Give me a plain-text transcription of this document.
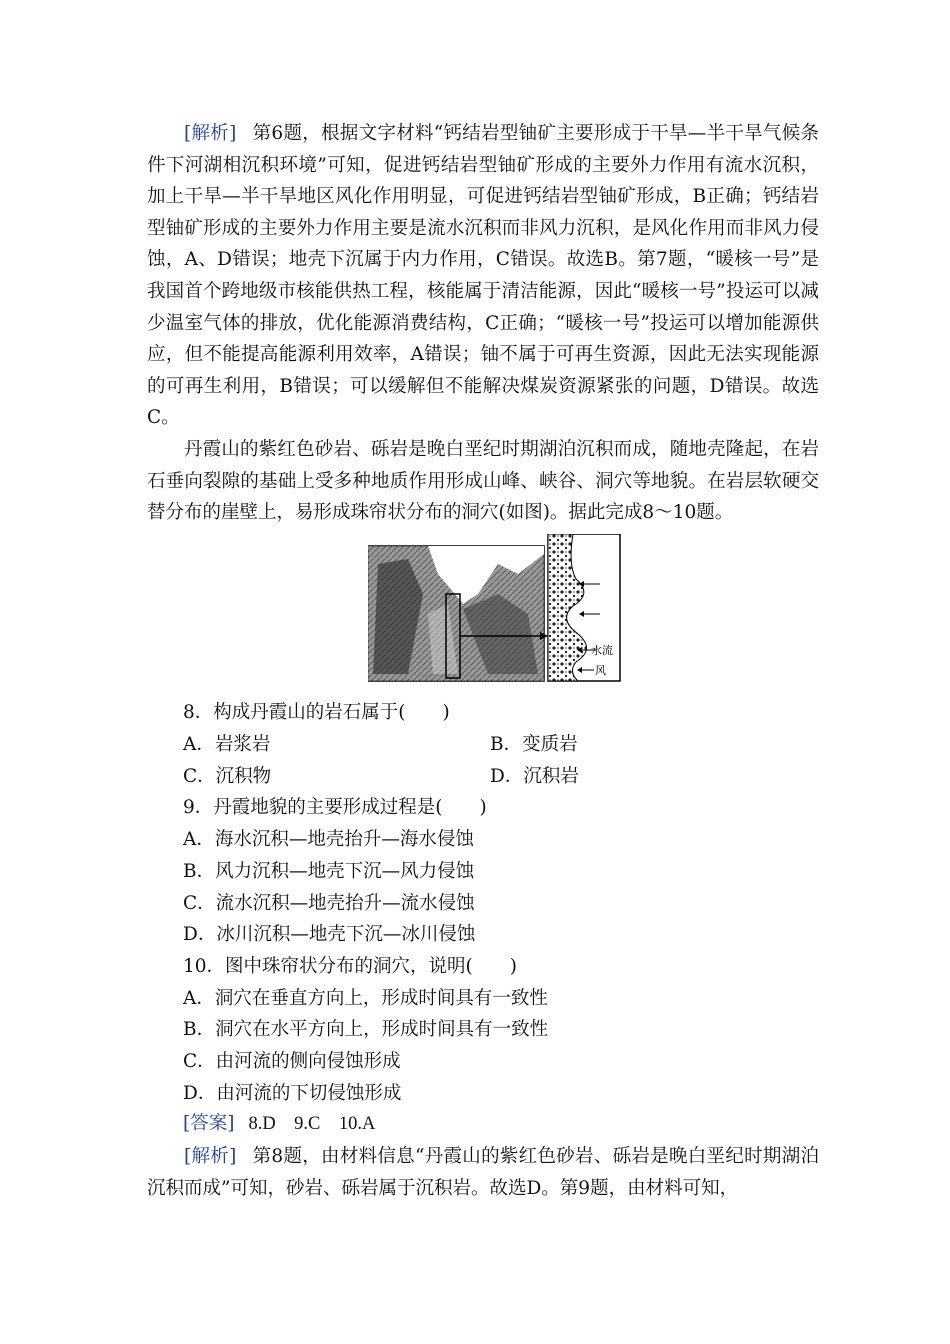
[解析] 第6题，根据文字材料“钙结岩型铀矿主要形成于干旱—半干旱气候条件下河湖相沉积环境”可知，促进钙结岩型铀矿形成的主要外力作用有流水沉积，加上干旱—半干旱地区风化作用明显，可促进钙结岩型铀矿形成，B正确；钙结岩型铀矿形成的主要外力作用主要是流水沉积而非风力沉积，是风化作用而非风力侵蚀，A、D错误；地壳下沉属于内力作用，C错误。故选B。第7题，“暖核一号”是我国首个跨地级市核能供热工程，核能属于清洁能源，因此“暖核一号”投运可以减少温室气体的排放，优化能源消费结构，C正确；“暖核一号”投运可以增加能源供应，但不能提高能源利用效率，A错误；铀不属于可再生资源，因此无法实现能源的可再生利用，B错误；可以缓解但不能解决煤炭资源紧张的问题，D错误。故选C。

丹霞山的紫红色砂岩、砾岩是晚白垩纪时期湖泊沉积而成，随地壳隆起，在岩石垂向裂隙的基础上受多种地质作用形成山峰、峡谷、洞穴等地貌。在岩层软硬交替分布的崖壁上，易形成珠帘状分布的洞穴(如图)。据此完成8～10题。

水流
风
8．构成丹霞山的岩石属于(　　)
A．岩浆岩	B．变质岩
C．沉积物	D．沉积岩
9．丹霞地貌的主要形成过程是(　　)
A．海水沉积—地壳抬升—海水侵蚀
B．风力沉积—地壳下沉—风力侵蚀
C．流水沉积—地壳抬升—流水侵蚀
D．冰川沉积—地壳下沉—冰川侵蚀
10．图中珠帘状分布的洞穴，说明(　　)
A．洞穴在垂直方向上，形成时间具有一致性
B．洞穴在水平方向上，形成时间具有一致性
C．由河流的侧向侵蚀形成
D．由河流的下切侵蚀形成
[答案] 8.D　9.C　10.A

[解析] 第8题，由材料信息“丹霞山的紫红色砂岩、砾岩是晚白垩纪时期湖泊沉积而成”可知，砂岩、砾岩属于沉积岩。故选D。第9题，由材料可知，
